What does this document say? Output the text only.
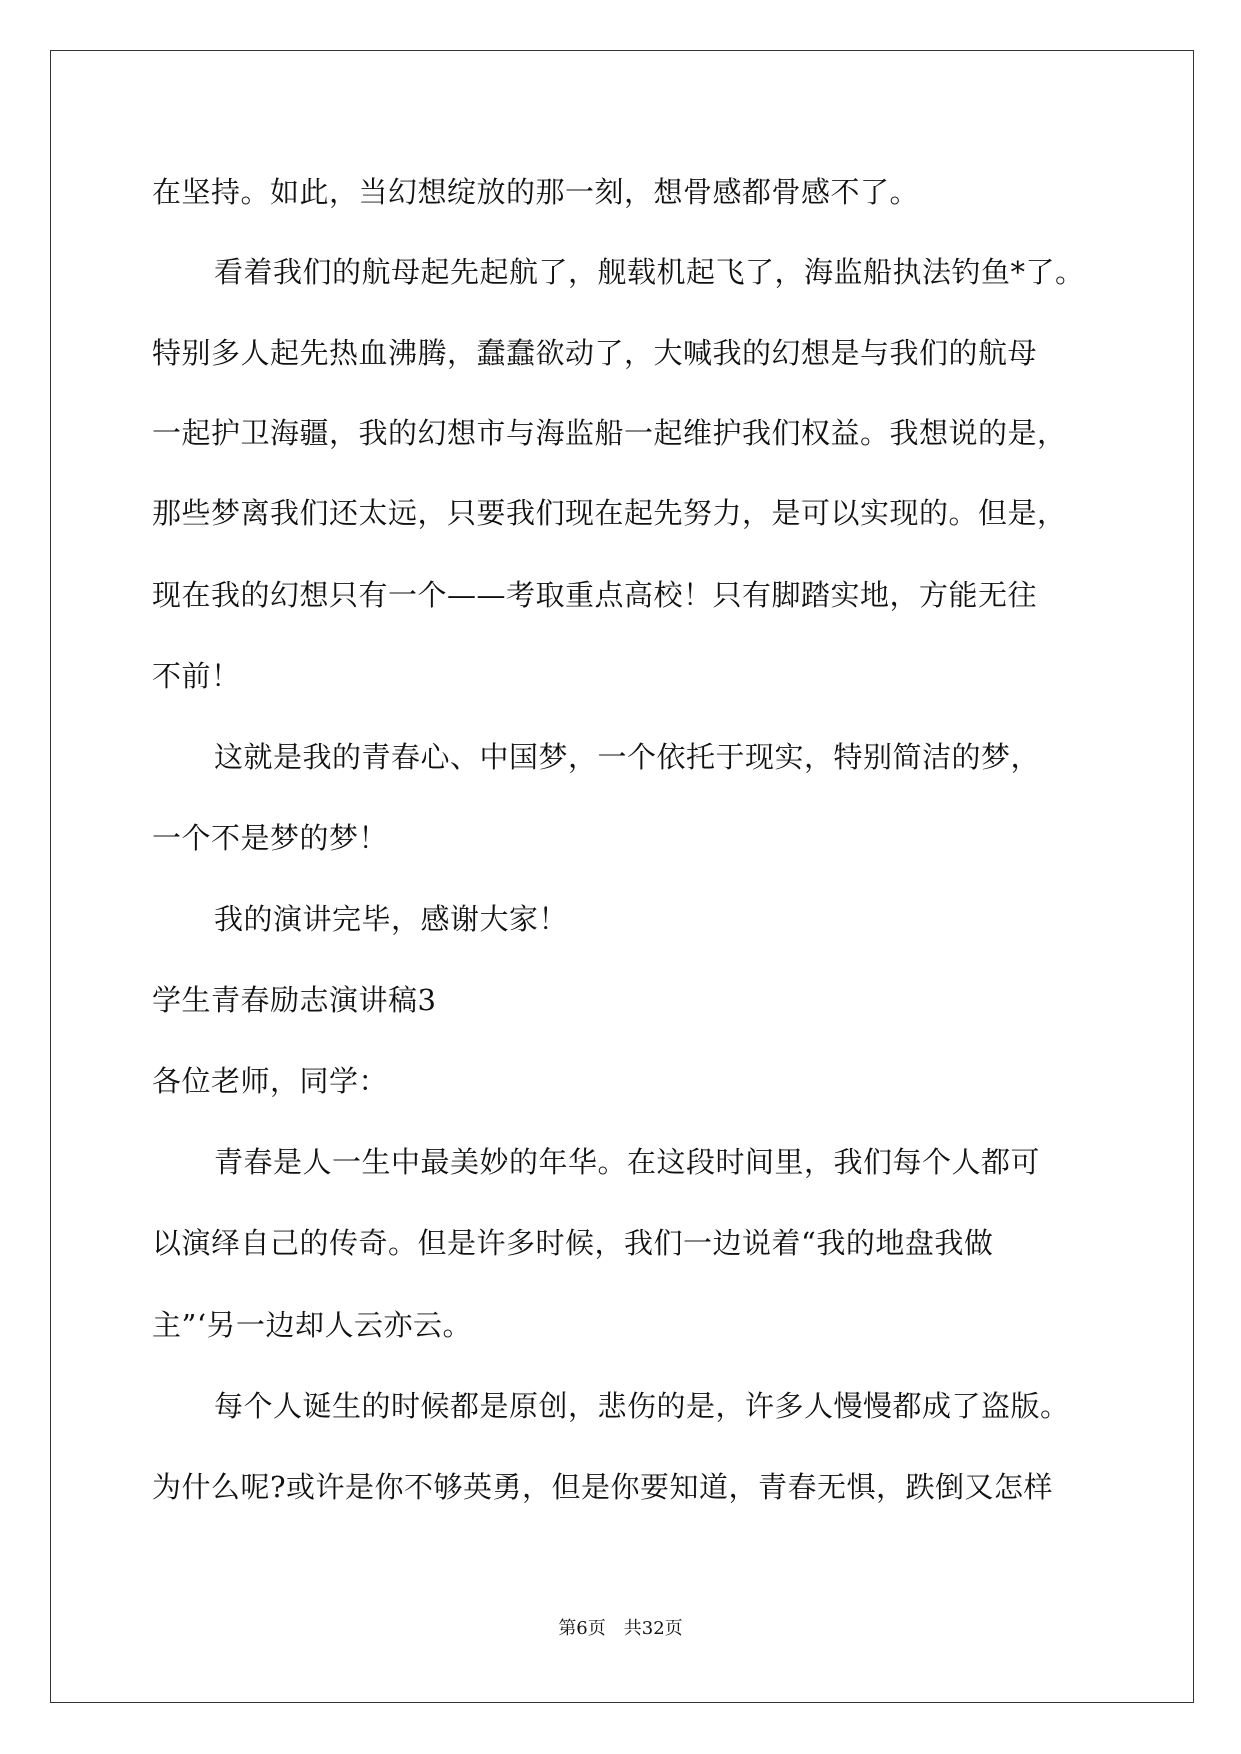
在坚持。如此，当幻想绽放的那一刻，想骨感都骨感不了。
看着我们的航母起先起航了，舰载机起飞了，海监船执法钓鱼*了。
特别多人起先热血沸腾，蠢蠢欲动了，大喊我的幻想是与我们的航母
一起护卫海疆，我的幻想市与海监船一起维护我们权益。我想说的是，
那些梦离我们还太远，只要我们现在起先努力，是可以实现的。但是，
现在我的幻想只有一个——考取重点高校！只有脚踏实地，方能无往
不前！
这就是我的青春心、中国梦，一个依托于现实，特别简洁的梦，
一个不是梦的梦！
我的演讲完毕，感谢大家！
学生青春励志演讲稿3
各位老师，同学：
青春是人一生中最美妙的年华。在这段时间里，我们每个人都可
以演绎自己的传奇。但是许多时候，我们一边说着“我的地盘我做
主”‘另一边却人云亦云。
每个人诞生的时候都是原创，悲伤的是，许多人慢慢都成了盗版。
为什么呢?或许是你不够英勇，但是你要知道，青春无惧，跌倒又怎样
第6页 共32页
